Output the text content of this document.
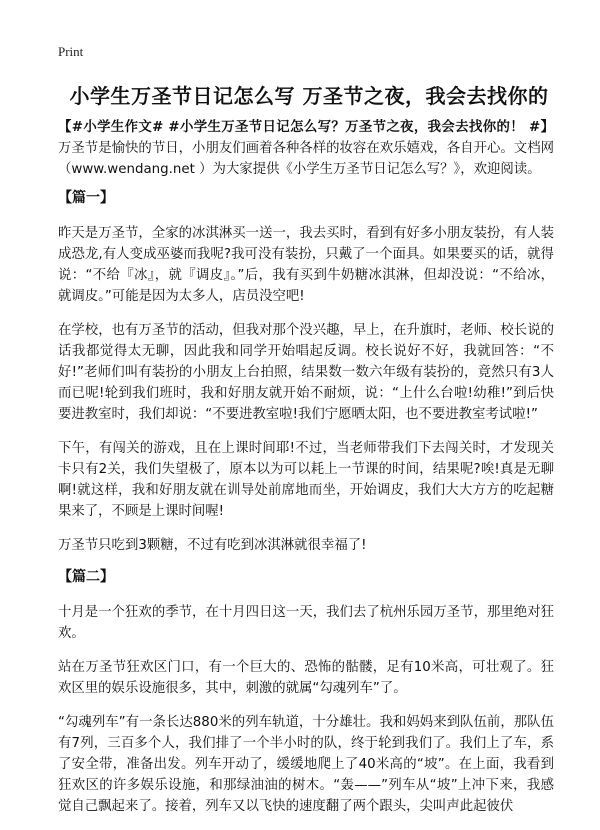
Print
小学生万圣节日记怎么写 万圣节之夜，我会去找你的

【#小学生作文# #小学生万圣节日记怎么写？万圣节之夜，我会去找你的！ #】万圣节是愉快的节日，小朋友们画着各种各样的妆容在欢乐嬉戏，各自开心。文档网（www.wendang.net ）为大家提供《小学生万圣节日记怎么写？》，欢迎阅读。

【篇一】

昨天是万圣节，全家的冰淇淋买一送一，我去买时，看到有好多小朋友装扮，有人装成恐龙,有人变成巫婆而我呢?我可没有装扮，只戴了一个面具。如果要买的话，就得说：“不给『冰』，就『调皮』。”后，我有买到牛奶糖冰淇淋，但却没说：“不给冰，就调皮。”可能是因为太多人，店员没空吧!

在学校，也有万圣节的活动，但我对那个没兴趣，早上，在升旗时，老师、校长说的话我都觉得太无聊，因此我和同学开始唱起反调。校长说好不好，我就回答：“不好!”老师们叫有装扮的小朋友上台拍照，结果数一数六年级有装扮的，竟然只有3人而已呢!轮到我们班时，我和好朋友就开始不耐烦，说：“上什么台啦!幼稚!”到后快要进教室时，我们却说：“不要进教室啦!我们宁愿晒太阳，也不要进教室考试啦!”

下午，有闯关的游戏，且在上课时间耶!不过，当老师带我们下去闯关时，才发现关卡只有2关，我们失望极了，原本以为可以耗上一节课的时间，结果呢?唉!真是无聊啊!就这样，我和好朋友就在训导处前席地而坐，开始调皮，我们大大方方的吃起糖果来了，不顾是上课时间喔!

万圣节只吃到3颗糖，不过有吃到冰淇淋就很幸福了!

【篇二】

十月是一个狂欢的季节，在十月四日这一天，我们去了杭州乐园万圣节，那里绝对狂欢。

站在万圣节狂欢区门口，有一个巨大的、恐怖的骷髅，足有10米高，可壮观了。狂欢区里的娱乐设施很多，其中，刺激的就属“勾魂列车”了。

“勾魂列车”有一条长达880米的列车轨道，十分雄壮。我和妈妈来到队伍前，那队伍有7列，三百多个人，我们排了一个半小时的队，终于轮到我们了。我们上了车，系了安全带，准备出发。列车开动了，缓缓地爬上了40米高的“坡”。在上面，我看到狂欢区的许多娱乐设施，和那绿油油的树木。“轰——”列车从“坡”上冲下来，我感觉自己飘起来了。接着，列车又以飞快的速度翻了两个跟头，尖叫声此起彼伏
